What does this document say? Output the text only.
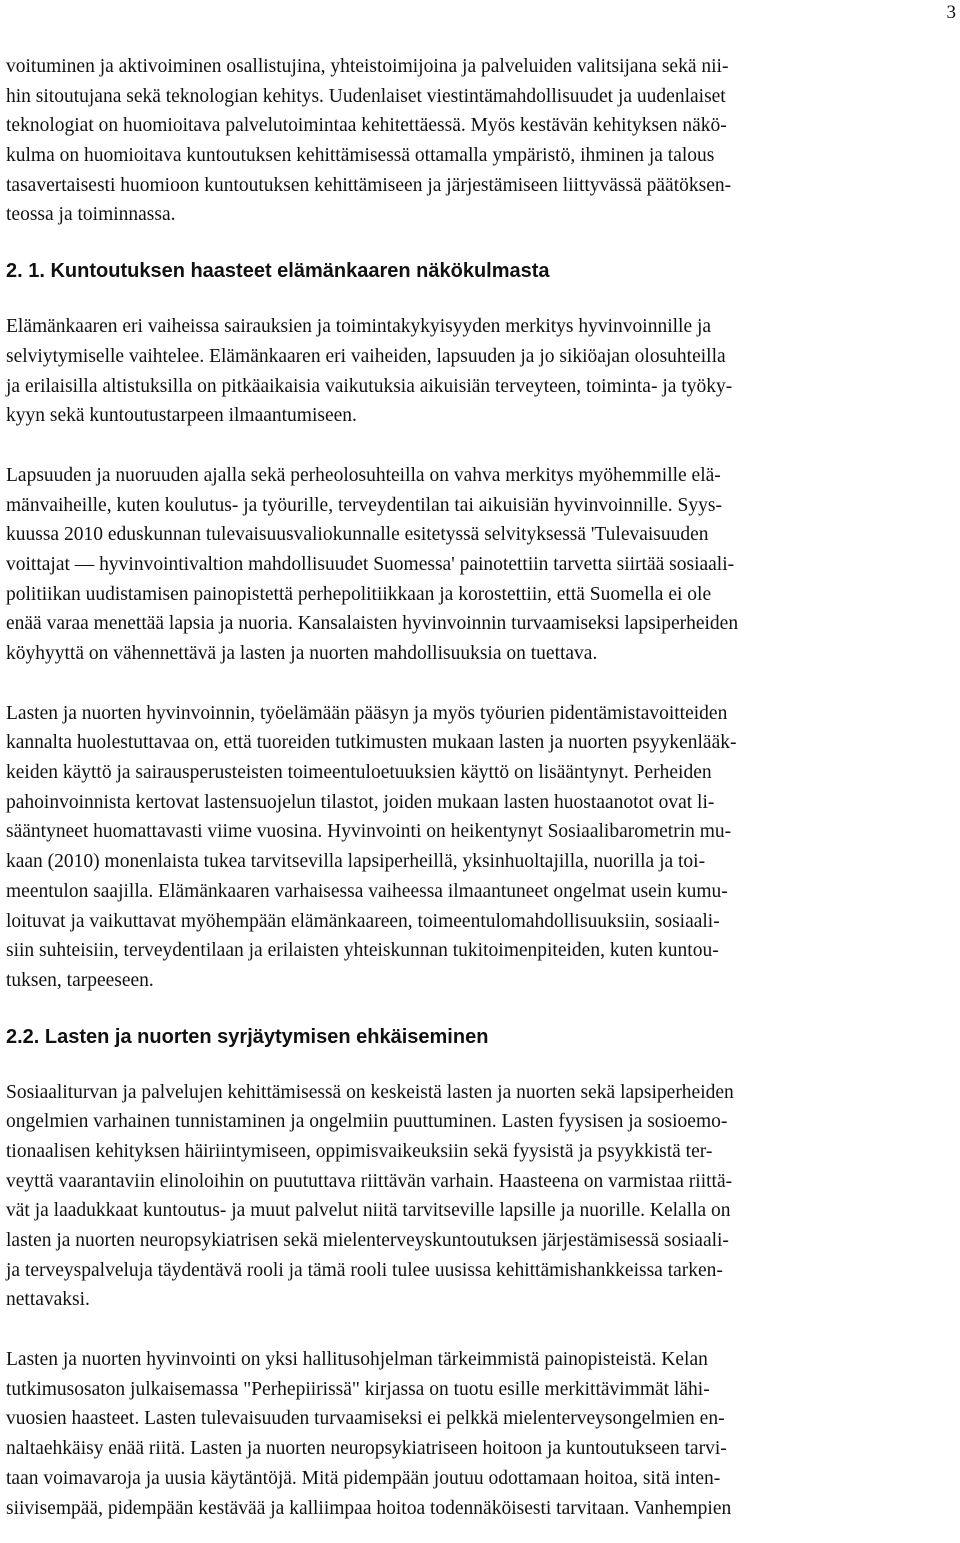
3
voituminen ja aktivoiminen osallistujina, yhteistoimijoina ja palveluiden valitsijana sekä nii-
hin sitoutujana sekä teknologian kehitys. Uudenlaiset viestintämahdollisuudet ja uudenlaiset
teknologiat on huomioitava palvelutoimintaa kehitettäessä. Myös kestävän kehityksen näkö-
kulma on huomioitava kuntoutuksen kehittämisessä ottamalla ympäristö, ihminen ja talous
tasavertaisesti huomioon kuntoutuksen kehittämiseen ja järjestämiseen liittyvässä päätöksen-
teossa ja toiminnassa.
2. 1. Kuntoutuksen haasteet elämänkaaren näkökulmasta
Elämänkaaren eri vaiheissa sairauksien ja toimintakykyisyyden merkitys hyvinvoinnille ja
selviytymiselle vaihtelee. Elämänkaaren eri vaiheiden, lapsuuden ja jo sikiöajan olosuhteilla
ja erilaisilla altistuksilla on pitkäaikaisia vaikutuksia aikuisiän terveyteen, toiminta- ja työky-
kyyn sekä kuntoutustarpeen ilmaantumiseen.
Lapsuuden ja nuoruuden ajalla sekä perheolosuhteilla on vahva merkitys myöhemmille elä-
mänvaiheille, kuten koulutus- ja työurille, terveydentilan tai aikuisiän hyvinvoinnille. Syys-
kuussa 2010 eduskunnan tulevaisuusvaliokunnalle esitetyssä selvityksessä 'Tulevaisuuden
voittajat — hyvinvointivaltion mahdollisuudet Suomessa' painotettiin tarvetta siirtää sosiaali-
politiikan uudistamisen painopistettä perhepolitiikkaan ja korostettiin, että Suomella ei ole
enää varaa menettää lapsia ja nuoria. Kansalaisten hyvinvoinnin turvaamiseksi lapsiperheiden
köyhyyttä on vähennettävä ja lasten ja nuorten mahdollisuuksia on tuettava.
Lasten ja nuorten hyvinvoinnin, työelämään pääsyn ja myös työurien pidentämistavoitteiden
kannalta huolestuttavaa on, että tuoreiden tutkimusten mukaan lasten ja nuorten psyykenlääk-
keiden käyttö ja sairausperusteisten toimeentuloetuuksien käyttö on lisääntynyt. Perheiden
pahoinvoinnista kertovat lastensuojelun tilastot, joiden mukaan lasten huostaanotot ovat li-
sääntyneet huomattavasti viime vuosina. Hyvinvointi on heikentynyt Sosiaalibarometrin mu-
kaan (2010) monenlaista tukea tarvitsevilla lapsiperheillä, yksinhuoltajilla, nuorilla ja toi-
meentulon saajilla. Elämänkaaren varhaisessa vaiheessa ilmaantuneet ongelmat usein kumu-
loituvat ja vaikuttavat myöhempään elämänkaareen, toimeentulomahdollisuuksiin, sosiaali-
siin suhteisiin, terveydentilaan ja erilaisten yhteiskunnan tukitoimenpiteiden, kuten kuntou-
tuksen, tarpeeseen.
2.2. Lasten ja nuorten syrjäytymisen ehkäiseminen
Sosiaaliturvan ja palvelujen kehittämisessä on keskeistä lasten ja nuorten sekä lapsiperheiden
ongelmien varhainen tunnistaminen ja ongelmiin puuttuminen. Lasten fyysisen ja sosioemo-
tionaalisen kehityksen häiriintymiseen, oppimisvaikeuksiin sekä fyysistä ja psyykkistä ter-
veyttä vaarantaviin elinoloihin on puututtava riittävän varhain. Haasteena on varmistaa riittä-
vät ja laadukkaat kuntoutus- ja muut palvelut niitä tarvitseville lapsille ja nuorille. Kelalla on
lasten ja nuorten neuropsykiatrisen sekä mielenterveyskuntoutuksen järjestämisessä sosiaali-
ja terveyspalveluja täydentävä rooli ja tämä rooli tulee uusissa kehittämishankkeissa tarken-
nettavaksi.
Lasten ja nuorten hyvinvointi on yksi hallitusohjelman tärkeimmistä painopisteistä. Kelan
tutkimusosaton julkaisemassa "Perhepiirissä" kirjassa on tuotu esille merkittävimmät lähi-
vuosien haasteet. Lasten tulevaisuuden turvaamiseksi ei pelkkä mielenterveysongelmien en-
naltaehkäisy enää riitä. Lasten ja nuorten neuropsykiatriseen hoitoon ja kuntoutukseen tarvi-
taan voimavaroja ja uusia käytäntöjä. Mitä pidempään joutuu odottamaan hoitoa, sitä inten-
siivisempää, pidempään kestävää ja kalliimpaa hoitoa todennäköisesti tarvitaan. Vanhempien
